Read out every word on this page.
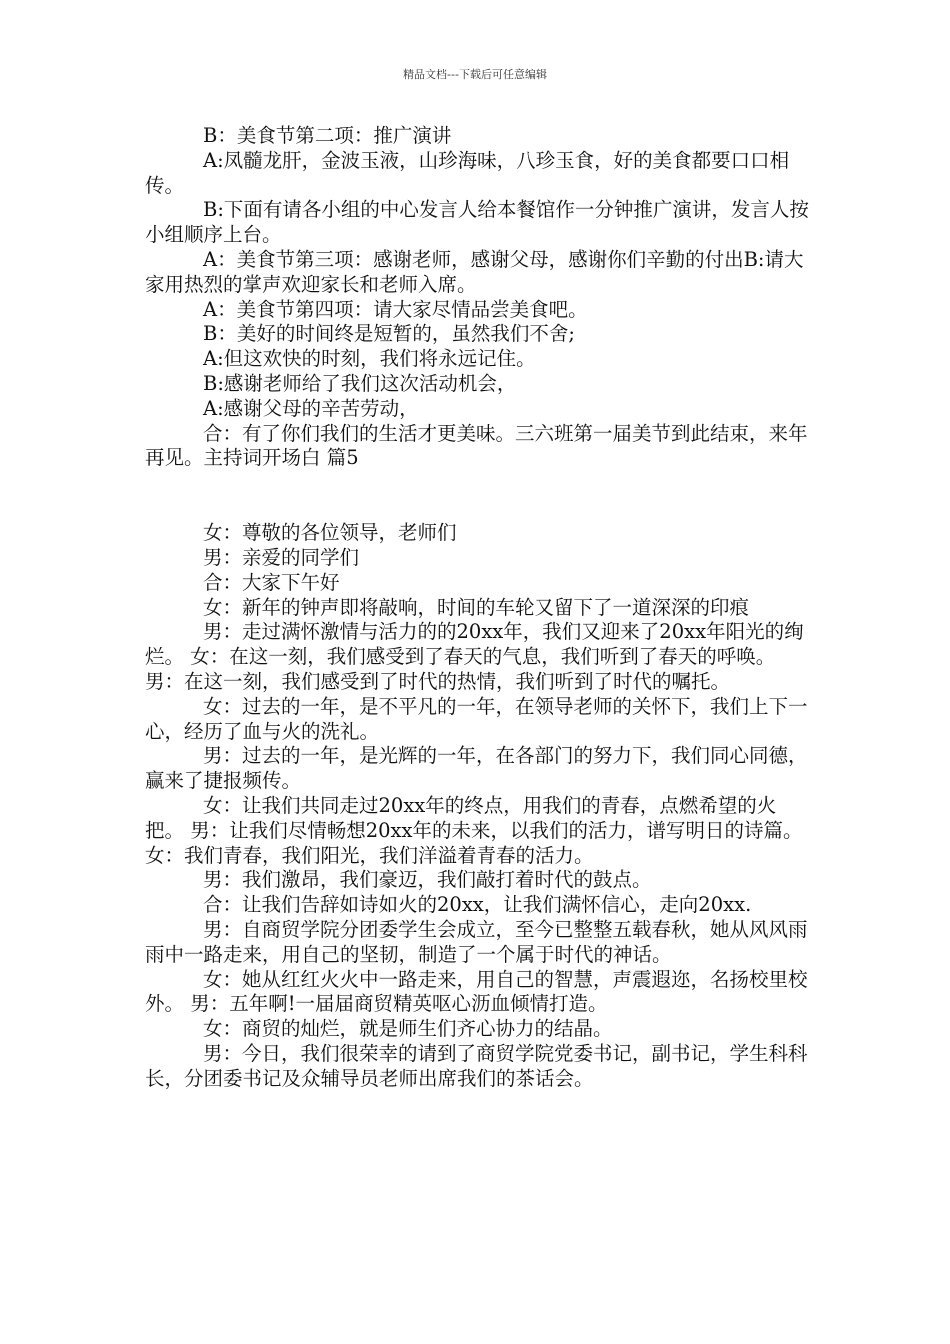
精品文档---下载后可任意编辑

B：美食节第二项：推广演讲

A:凤髓龙肝，金波玉液，山珍海味，八珍玉食，好的美食都要口口相传。

B:下面有请各小组的中心发言人给本餐馆作一分钟推广演讲，发言人按小组顺序上台。

A：美食节第三项：感谢老师，感谢父母，感谢你们辛勤的付出B:请大家用热烈的掌声欢迎家长和老师入席。

A：美食节第四项：请大家尽情品尝美食吧。

B：美好的时间终是短暂的，虽然我们不舍;

A:但这欢快的时刻，我们将永远记住。

B:感谢老师给了我们这次活动机会，

A:感谢父母的辛苦劳动，

合：有了你们我们的生活才更美味。三六班第一届美节到此结束，来年再见。主持词开场白 篇5

女：尊敬的各位领导，老师们

男：亲爱的同学们

合：大家下午好

女：新年的钟声即将敲响，时间的车轮又留下了一道深深的印痕

男：走过满怀激情与活力的的20xx年，我们又迎来了20xx年阳光的绚烂。 女：在这一刻，我们感受到了春天的气息，我们听到了春天的呼唤。 男：在这一刻，我们感受到了时代的热情，我们听到了时代的嘱托。

女：过去的一年，是不平凡的一年，在领导老师的关怀下，我们上下一心，经历了血与火的洗礼。

男：过去的一年，是光辉的一年，在各部门的努力下，我们同心同德，赢来了捷报频传。

女：让我们共同走过20xx年的终点，用我们的青春，点燃希望的火把。 男：让我们尽情畅想20xx年的未来，以我们的活力，谱写明日的诗篇。 女：我们青春，我们阳光，我们洋溢着青春的活力。

男：我们激昂，我们豪迈，我们敲打着时代的鼓点。

合：让我们告辞如诗如火的20xx，让我们满怀信心，走向20xx.

男：自商贸学院分团委学生会成立，至今已整整五载春秋，她从风风雨雨中一路走来，用自己的坚韧，制造了一个属于时代的神话。

女：她从红红火火中一路走来，用自己的智慧，声震遐迩，名扬校里校外。 男：五年啊!一届届商贸精英呕心沥血倾情打造。

女：商贸的灿烂，就是师生们齐心协力的结晶。

男：今日，我们很荣幸的请到了商贸学院党委书记，副书记，学生科科长，分团委书记及众辅导员老师出席我们的茶话会。
